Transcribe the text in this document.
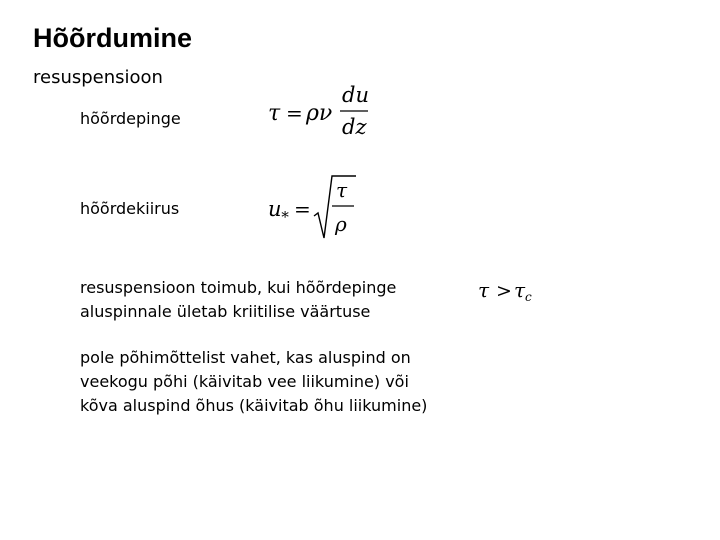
Hõõrdumine
resuspensioon
hõõrdepinge
hõõrdekiirus
resuspensioon toimub, kui hõõrdepinge
aluspinnale ületab kriitilise väärtuse
pole põhimõttelist vahet, kas aluspind on
veekogu põhi (käivitab vee liikumine) või
kõva aluspind õhus (käivitab õhu liikumine)
τ = ρν
du
dz
u
∗ =
τ
ρ
τ > τ c
